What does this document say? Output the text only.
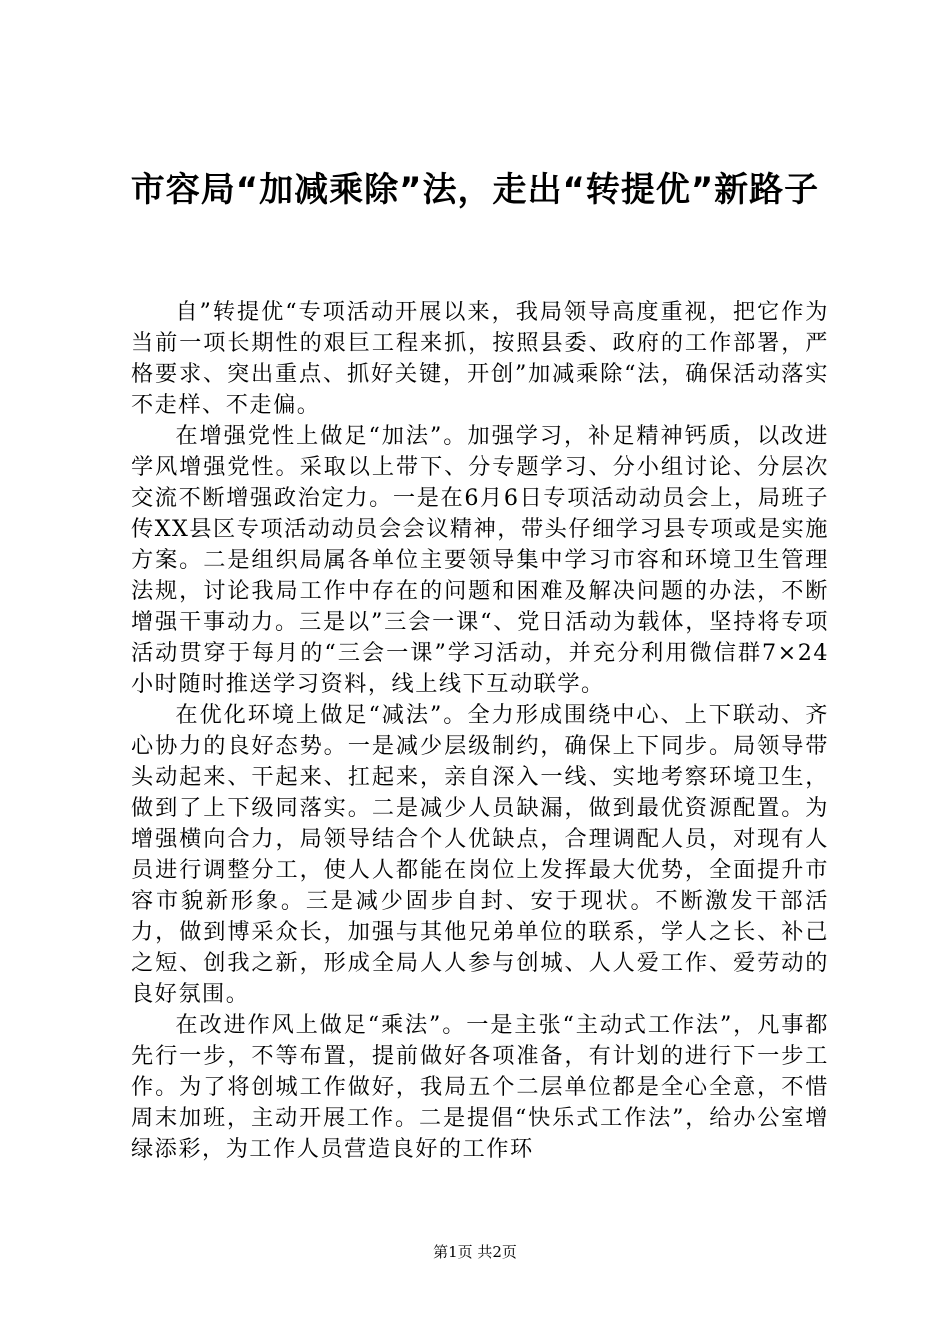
市容局“加减乘除”法，走出“转提优”新路子

自”转提优“专项活动开展以来，我局领导高度重视，把它作为当前一项长期性的艰巨工程来抓，按照县委、政府的工作部署，严格要求、突出重点、抓好关键，开创”加减乘除“法，确保活动落实不走样、不走偏。

在增强党性上做足“加法”。加强学习，补足精神钙质，以改进学风增强党性。采取以上带下、分专题学习、分小组讨论、分层次交流不断增强政治定力。一是在6月6日专项活动动员会上，局班子传XX县区专项活动动员会会议精神，带头仔细学习县专项或是实施方案。二是组织局属各单位主要领导集中学习市容和环境卫生管理法规，讨论我局工作中存在的问题和困难及解决问题的办法，不断增强干事动力。三是以”三会一课“、党日活动为载体，坚持将专项活动贯穿于每月的“三会一课”学习活动，并充分利用微信群7×24小时随时推送学习资料，线上线下互动联学。

在优化环境上做足“减法”。全力形成围绕中心、上下联动、齐心协力的良好态势。一是减少层级制约，确保上下同步。局领导带头动起来、干起来、扛起来，亲自深入一线、实地考察环境卫生，做到了上下级同落实。二是减少人员缺漏，做到最优资源配置。为增强横向合力，局领导结合个人优缺点，合理调配人员，对现有人员进行调整分工，使人人都能在岗位上发挥最大优势，全面提升市容市貌新形象。三是减少固步自封、安于现状。不断激发干部活力，做到博采众长，加强与其他兄弟单位的联系，学人之长、补己之短、创我之新，形成全局人人参与创城、人人爱工作、爱劳动的良好氛围。

在改进作风上做足“乘法”。一是主张“主动式工作法”，凡事都先行一步，不等布置，提前做好各项准备，有计划的进行下一步工作。为了将创城工作做好，我局五个二层单位都是全心全意，不惜周末加班，主动开展工作。二是提倡“快乐式工作法”，给办公室增绿添彩，为工作人员营造良好的工作环

第1页 共2页
